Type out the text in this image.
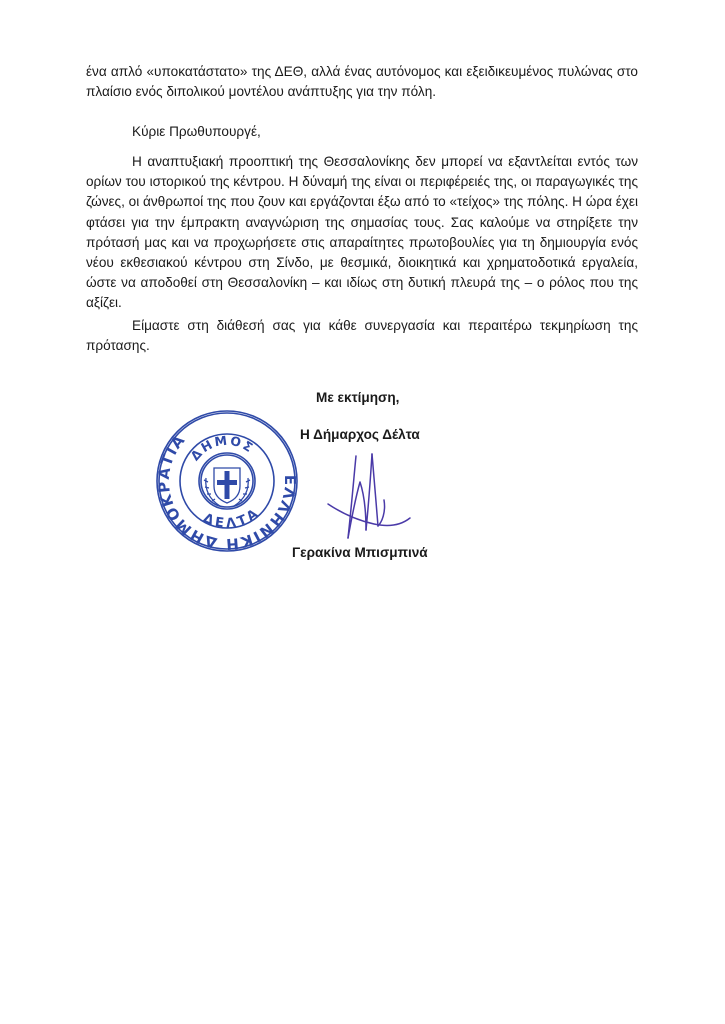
ένα απλό «υποκατάστατο» της ΔΕΘ, αλλά ένας αυτόνομος και εξειδικευμένος πυλώνας στο πλαίσιο ενός διπολικού μοντέλου ανάπτυξης για την πόλη.

Κύριε Πρωθυπουργέ,

Η αναπτυξιακή προοπτική της Θεσσαλονίκης δεν μπορεί να εξαντλείται εντός των ορίων του ιστορικού της κέντρου. Η δύναμή της είναι οι περιφέρειές της, οι παραγωγικές της ζώνες, οι άνθρωποί της που ζουν και εργάζονται έξω από το «τείχος» της πόλης. Η ώρα έχει φτάσει για την έμπρακτη αναγνώριση της σημασίας τους. Σας καλούμε να στηρίξετε την πρότασή μας και να προχωρήσετε στις απαραίτητες πρωτοβουλίες για τη δημιουργία ενός νέου εκθεσιακού κέντρου στη Σίνδο, με θεσμικά, διοικητικά και χρηματοδοτικά εργαλεία, ώστε να αποδοθεί στη Θεσσαλονίκη – και ιδίως στη δυτική πλευρά της – ο ρόλος που της αξίζει.

Είμαστε στη διάθεσή σας για κάθε συνεργασία και περαιτέρω τεκμηρίωση της πρότασης.

Με εκτίμηση,
Η Δήμαρχος Δέλτα
ΕΛΛΗΝΙΚΗ ΔΗΜΟΚΡΑΤΙΑ
ΔΗΜΟΣ
ΔΕΛΤΑ
Γερακίνα Μπισμπινά
